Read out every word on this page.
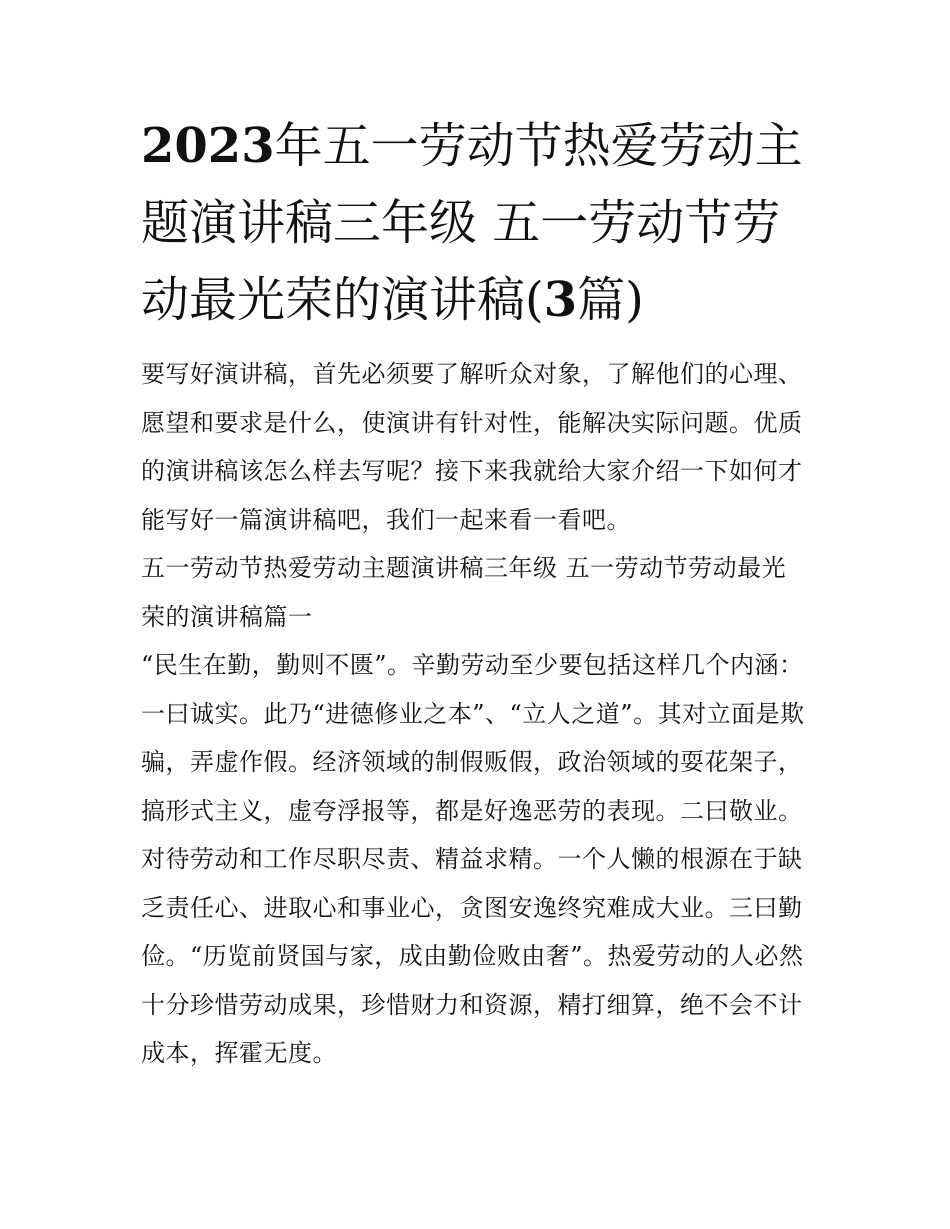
2023年五一劳动节热爱劳动主
题演讲稿三年级 五一劳动节劳
动最光荣的演讲稿(3篇)

要写好演讲稿，首先必须要了解听众对象，了解他们的心理、
愿望和要求是什么，使演讲有针对性，能解决实际问题。优质
的演讲稿该怎么样去写呢？接下来我就给大家介绍一下如何才
能写好一篇演讲稿吧，我们一起来看一看吧。

五一劳动节热爱劳动主题演讲稿三年级 五一劳动节劳动最光
荣的演讲稿篇一

“民生在勤，勤则不匮”。辛勤劳动至少要包括这样几个内涵：
一曰诚实。此乃“进德修业之本”、“立人之道”。其对立面是欺
骗，弄虚作假。经济领域的制假贩假，政治领域的耍花架子，
搞形式主义，虚夸浮报等，都是好逸恶劳的表现。二曰敬业。
对待劳动和工作尽职尽责、精益求精。一个人懒的根源在于缺
乏责任心、进取心和事业心，贪图安逸终究难成大业。三曰勤
俭。“历览前贤国与家，成由勤俭败由奢”。热爱劳动的人必然
十分珍惜劳动成果，珍惜财力和资源，精打细算，绝不会不计
成本，挥霍无度。
